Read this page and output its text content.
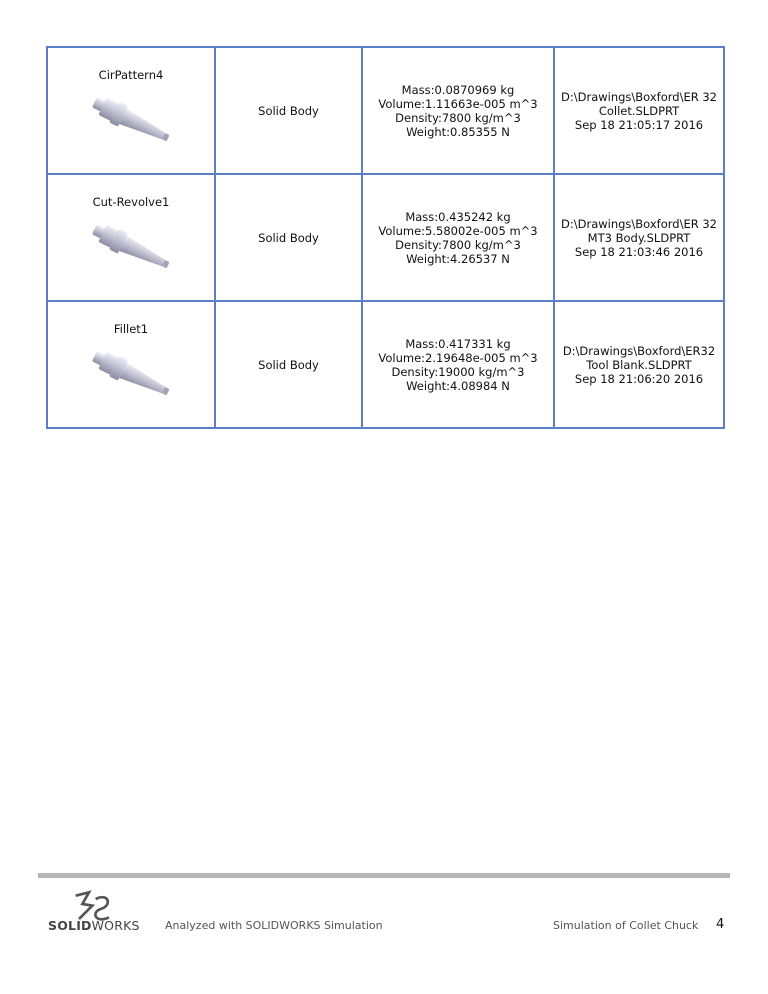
CirPattern4	Solid Body	Mass:0.0870969 kg
Volume:1.11663e-005 m^3
Density:7800 kg/m^3
Weight:0.85355 N	D:\Drawings\Boxford\ER 32
Collet.SLDPRT
Sep 18 21:05:17 2016

Cut-Revolve1	Solid Body	Mass:0.435242 kg
Volume:5.58002e-005 m^3
Density:7800 kg/m^3
Weight:4.26537 N	D:\Drawings\Boxford\ER 32
MT3 Body.SLDPRT
Sep 18 21:03:46 2016

Fillet1	Solid Body	Mass:0.417331 kg
Volume:2.19648e-005 m^3
Density:19000 kg/m^3
Weight:4.08984 N	D:\Drawings\Boxford\ER32
Tool Blank.SLDPRT
Sep 18 21:06:20 2016
SOLIDWORKS Analyzed with SOLIDWORKS Simulation	Simulation of Collet Chuck 4
